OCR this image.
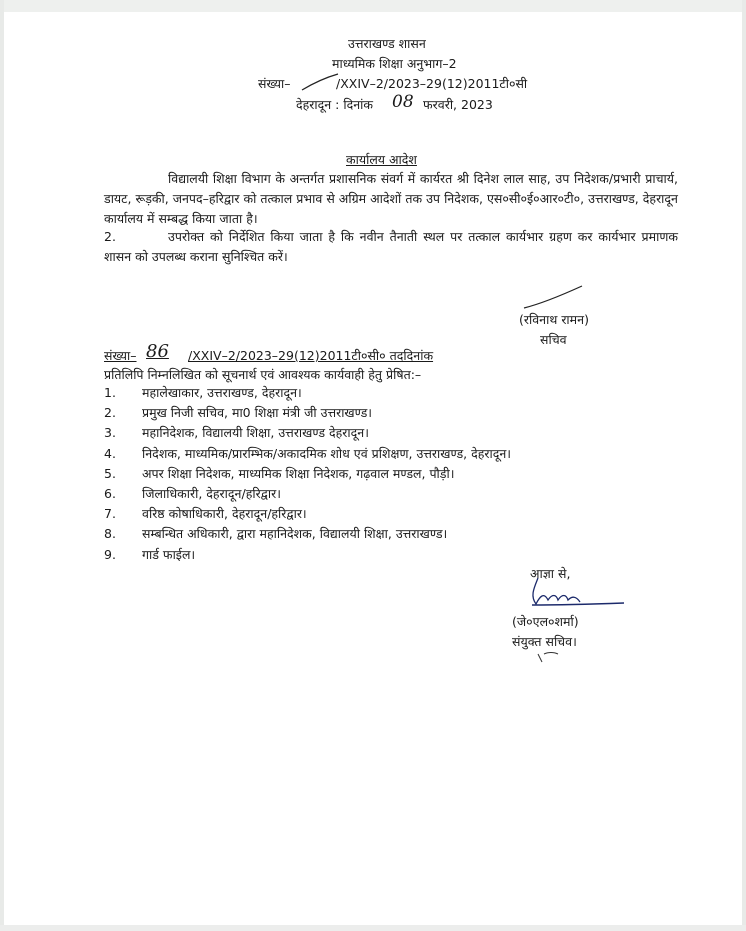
उत्तराखण्ड शासन
माध्यमिक शिक्षा अनुभाग–2
संख्या–	/XXIV–2/2023–29(12)2011टी०सी
देहरादून : दिनांक 08 फरवरी, 2023
कार्यालय आदेश
विद्यालयी शिक्षा विभाग के अन्तर्गत प्रशासनिक संवर्ग में कार्यरत श्री दिनेश लाल साह, उप निदेशक/प्रभारी प्राचार्य, डायट, रूड़की, जनपद–हरिद्वार को तत्काल प्रभाव से अग्रिम आदेशों तक उप निदेशक, एस०सी०ई०आर०टी०, उत्तराखण्ड, देहरादून कार्यालय में सम्बद्ध किया जाता है।
2.	उपरोक्त को निर्देशित किया जाता है कि नवीन तैनाती स्थल पर तत्काल कार्यभार ग्रहण कर कार्यभार प्रमाणक शासन को उपलब्ध कराना सुनिश्चित करें।
(रविनाथ रामन)
सचिव
संख्या– 86 /XXIV–2/2023–29(12)2011टी०सी० तददिनांक
प्रतिलिपि निम्नलिखित को सूचनार्थ एवं आवश्यक कार्यवाही हेतु प्रेषित:–
1. महालेखाकार, उत्तराखण्ड, देहरादून।
2. प्रमुख निजी सचिव, मा0 शिक्षा मंत्री जी उत्तराखण्ड।
3. महानिदेशक, विद्यालयी शिक्षा, उत्तराखण्ड देहरादून।
4. निदेशक, माध्यमिक/प्रारम्भिक/अकादमिक शोध एवं प्रशिक्षण, उत्तराखण्ड, देहरादून।
5. अपर शिक्षा निदेशक, माध्यमिक शिक्षा निदेशक, गढ़वाल मण्डल, पौड़ी।
6. जिलाधिकारी, देहरादून/हरिद्वार।
7. वरिष्ठ कोषाधिकारी, देहरादून/हरिद्वार।
8. सम्बन्धित अधिकारी, द्वारा महानिदेशक, विद्यालयी शिक्षा, उत्तराखण्ड।
9. गार्ड फाईल।
आज्ञा से,
(जे०एल०शर्मा)
संयुक्त सचिव।
